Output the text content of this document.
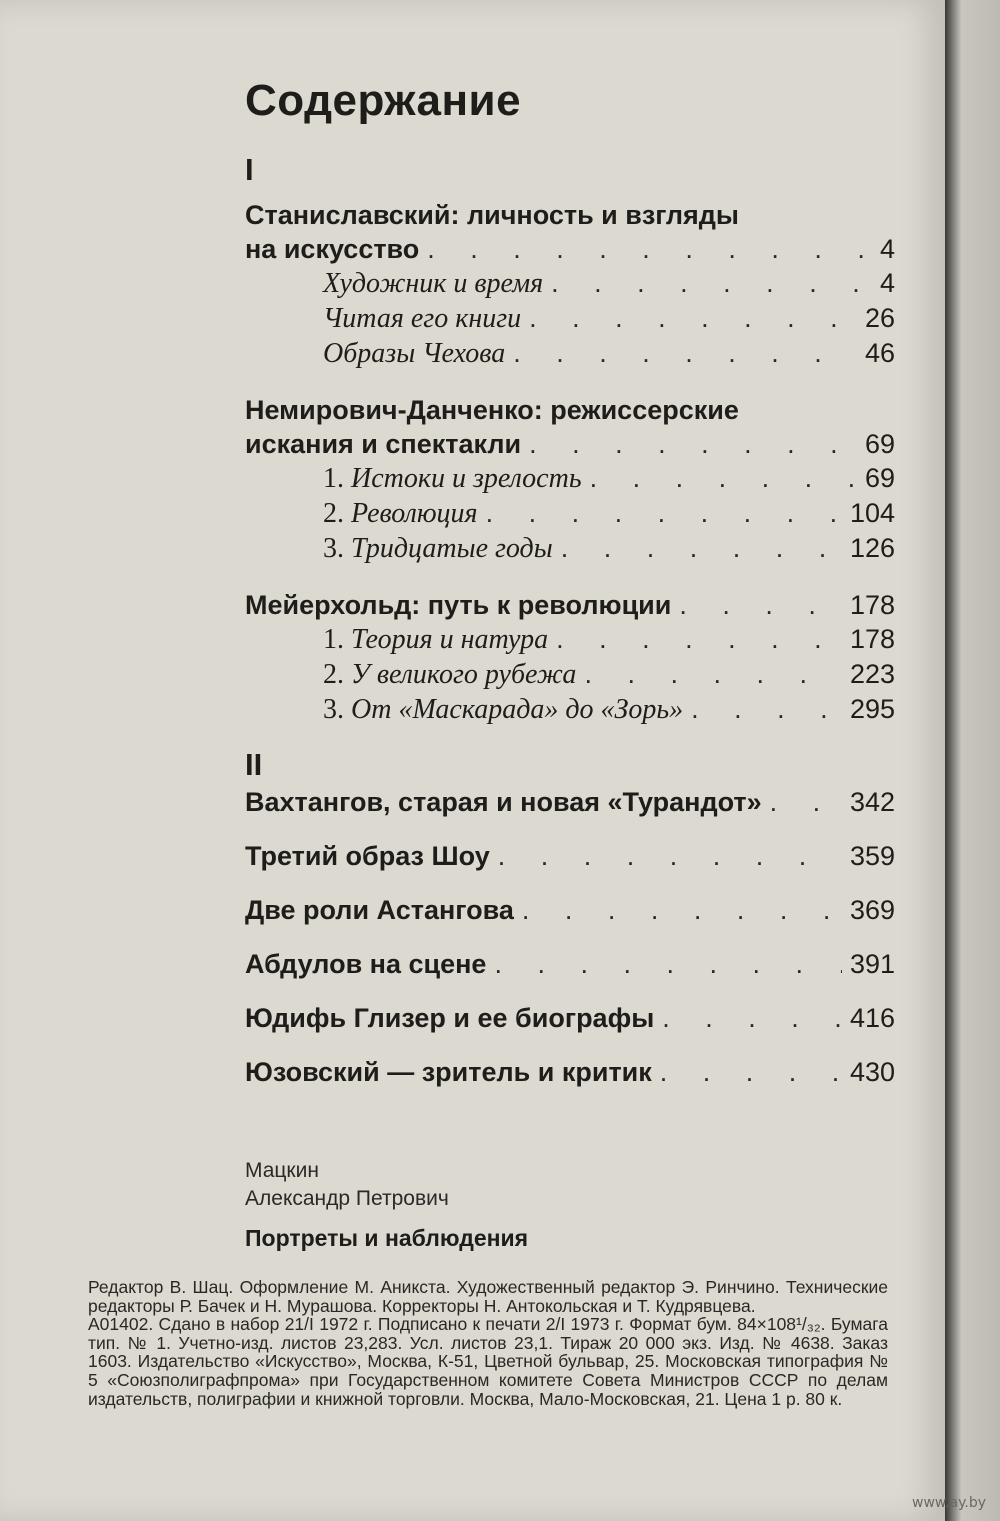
Содержание
I
Станиславский: личность и взгляды
на искусство . . .	4
Художник и время . . .	4
Читая его книги . . .	26
Образы Чехова . . .	46
Немирович-Данченко: режиссерские
искания и спектакли . . .	69
1. Истоки и зрелость . . .	69
2. Революция . . .	104
3. Тридцатые годы . . .	126
Мейерхольд: путь к революции . . .	178
1. Теория и натура . . .	178
2. У великого рубежа . . .	223
3. От «Маскарада» до «Зорь» . . .	295
II
Вахтангов, старая и новая «Турандот» . . .	342
Третий образ Шоу . . .	359
Две роли Астангова . . .	369
Абдулов на сцене . . .	391
Юдифь Глизер и ее биографы . . .	416
Юзовский — зритель и критик . . .	430
Мацкин
Александр Петрович
Портреты и наблюдения

Редактор В. Шац. Оформление М. Аникста. Художественный редактор Э. Ринчино. Технические редакторы Р. Бачек и Н. Мурашова. Корректоры Н. Антокольская и Т. Кудрявцева.

А01402. Сдано в набор 21/I 1972 г. Подписано к печати 2/I 1973 г. Формат бум. 84×108¹/₃₂. Бумага тип. № 1. Учетно-изд. листов 23,283. Усл. листов 23,1. Тираж 20 000 экз. Изд. № 4638. Заказ 1603. Издательство «Искусство», Москва, К-51, Цветной бульвар, 25. Московская типография № 5 «Союзполиграфпрома» при Государственном комитете Совета Министров СССР по делам издательств, полиграфии и книжной торговли. Москва, Мало-Московская, 21. Цена 1 р. 80 к.

www.ay.by
